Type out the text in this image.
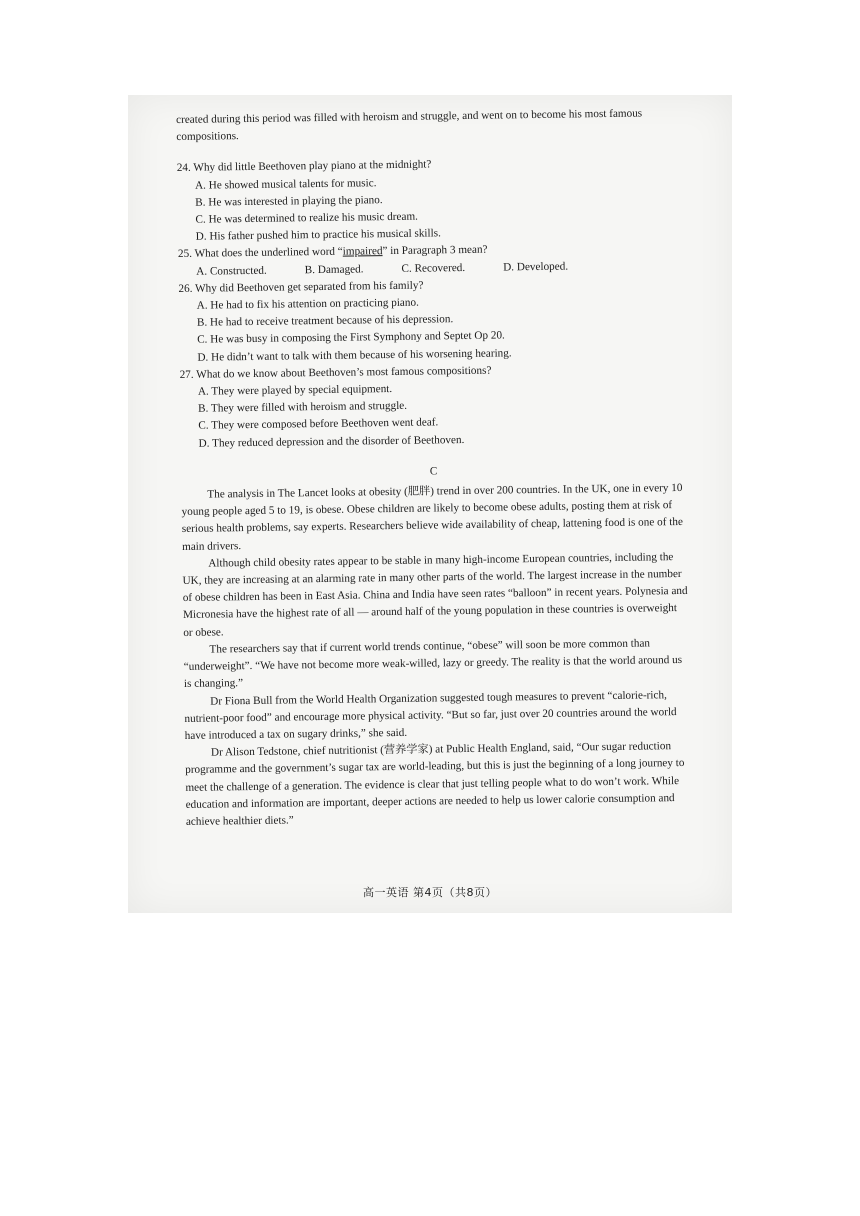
created during this period was filled with heroism and struggle, and went on to become his most famous compositions.

24. Why did little Beethoven play piano at the midnight?

A. He showed musical talents for music.

B. He was interested in playing the piano.

C. He was determined to realize his music dream.

D. His father pushed him to practice his musical skills.

25. What does the underlined word “impaired” in Paragraph 3 mean?

A. Constructed.	B. Damaged.	C. Recovered.	D. Developed.

26. Why did Beethoven get separated from his family?

A. He had to fix his attention on practicing piano.

B. He had to receive treatment because of his depression.

C. He was busy in composing the First Symphony and Septet Op 20.

D. He didn’t want to talk with them because of his worsening hearing.

27. What do we know about Beethoven’s most famous compositions?

A. They were played by special equipment.

B. They were filled with heroism and struggle.

C. They were composed before Beethoven went deaf.

D. They reduced depression and the disorder of Beethoven.

C

The analysis in The Lancet looks at obesity (肥胖) trend in over 200 countries. In the UK, one in every 10 young people aged 5 to 19, is obese. Obese children are likely to become obese adults, posting them at risk of serious health problems, say experts. Researchers believe wide availability of cheap, lattening food is one of the main drivers.

Although child obesity rates appear to be stable in many high-income European countries, including the UK, they are increasing at an alarming rate in many other parts of the world. The largest increase in the number of obese children has been in East Asia. China and India have seen rates “balloon” in recent years. Polynesia and Micronesia have the highest rate of all — around half of the young population in these countries is overweight or obese.

The researchers say that if current world trends continue, “obese” will soon be more common than “underweight”. “We have not become more weak-willed, lazy or greedy. The reality is that the world around us is changing.”

Dr Fiona Bull from the World Health Organization suggested tough measures to prevent “calorie-rich, nutrient-poor food” and encourage more physical activity. “But so far, just over 20 countries around the world have introduced a tax on sugary drinks,” she said.

Dr Alison Tedstone, chief nutritionist (营养学家) at Public Health England, said, “Our sugar reduction programme and the government’s sugar tax are world-leading, but this is just the beginning of a long journey to meet the challenge of a generation. The evidence is clear that just telling people what to do won’t work. While education and information are important, deeper actions are needed to help us lower calorie consumption and achieve healthier diets.”

高一英语 第4页（共8页）
